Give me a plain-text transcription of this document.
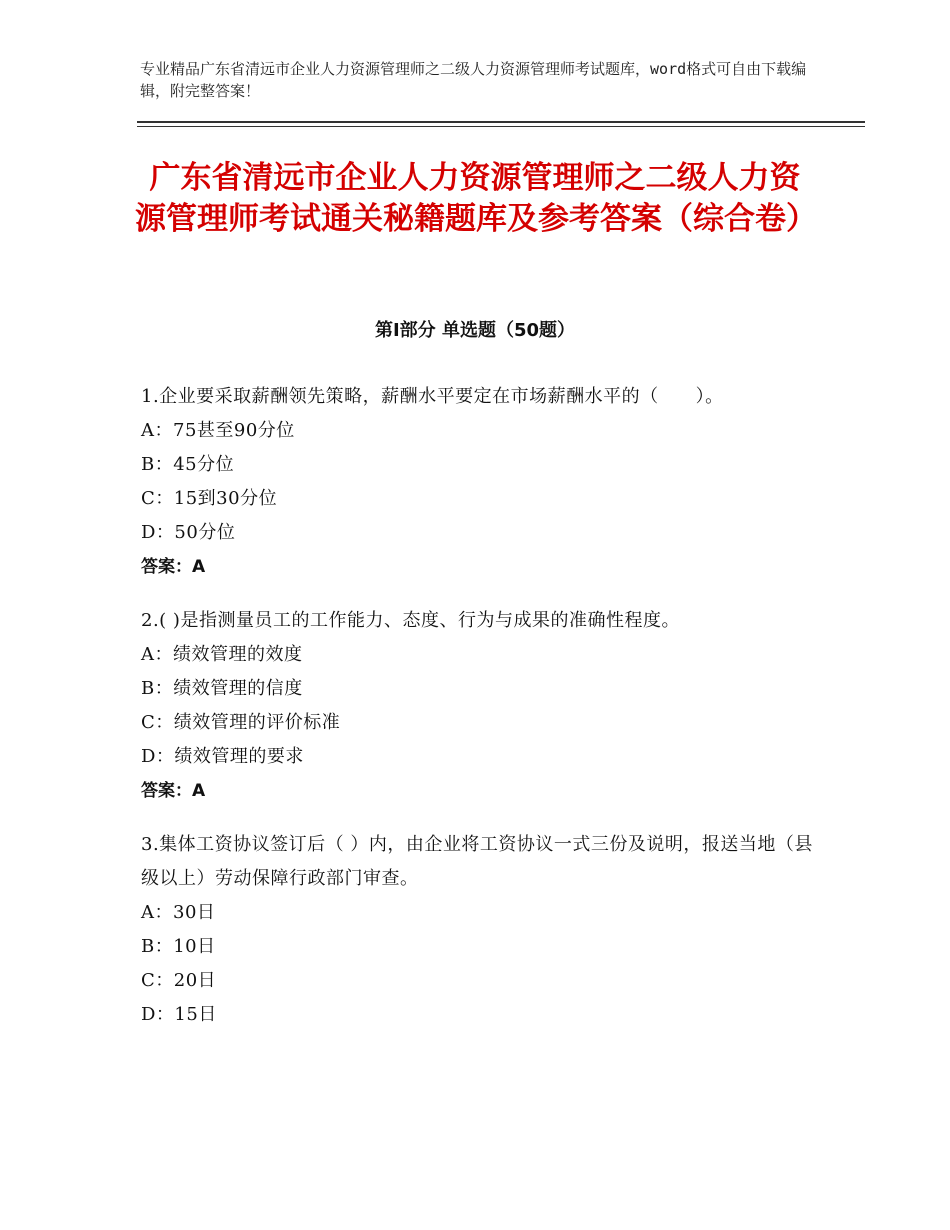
专业精品广东省清远市企业人力资源管理师之二级人力资源管理师考试题库，word格式可自由下载编辑，附完整答案！
广东省清远市企业人力资源管理师之二级人力资源管理师考试通关秘籍题库及参考答案（综合卷）
第Ⅰ部分 单选题（50题）
1.企业要采取薪酬领先策略，薪酬水平要定在市场薪酬水平的（　　）。
A：75甚至90分位
B：45分位
C：15到30分位
D：50分位
答案：A
2.( )是指测量员工的工作能力、态度、行为与成果的准确性程度。
A：绩效管理的效度
B：绩效管理的信度
C：绩效管理的评价标准
D：绩效管理的要求
答案：A
3.集体工资协议签订后（ ）内，由企业将工资协议一式三份及说明，报送当地（县级以上）劳动保障行政部门审查。
A：30日
B：10日
C：20日
D：15日
